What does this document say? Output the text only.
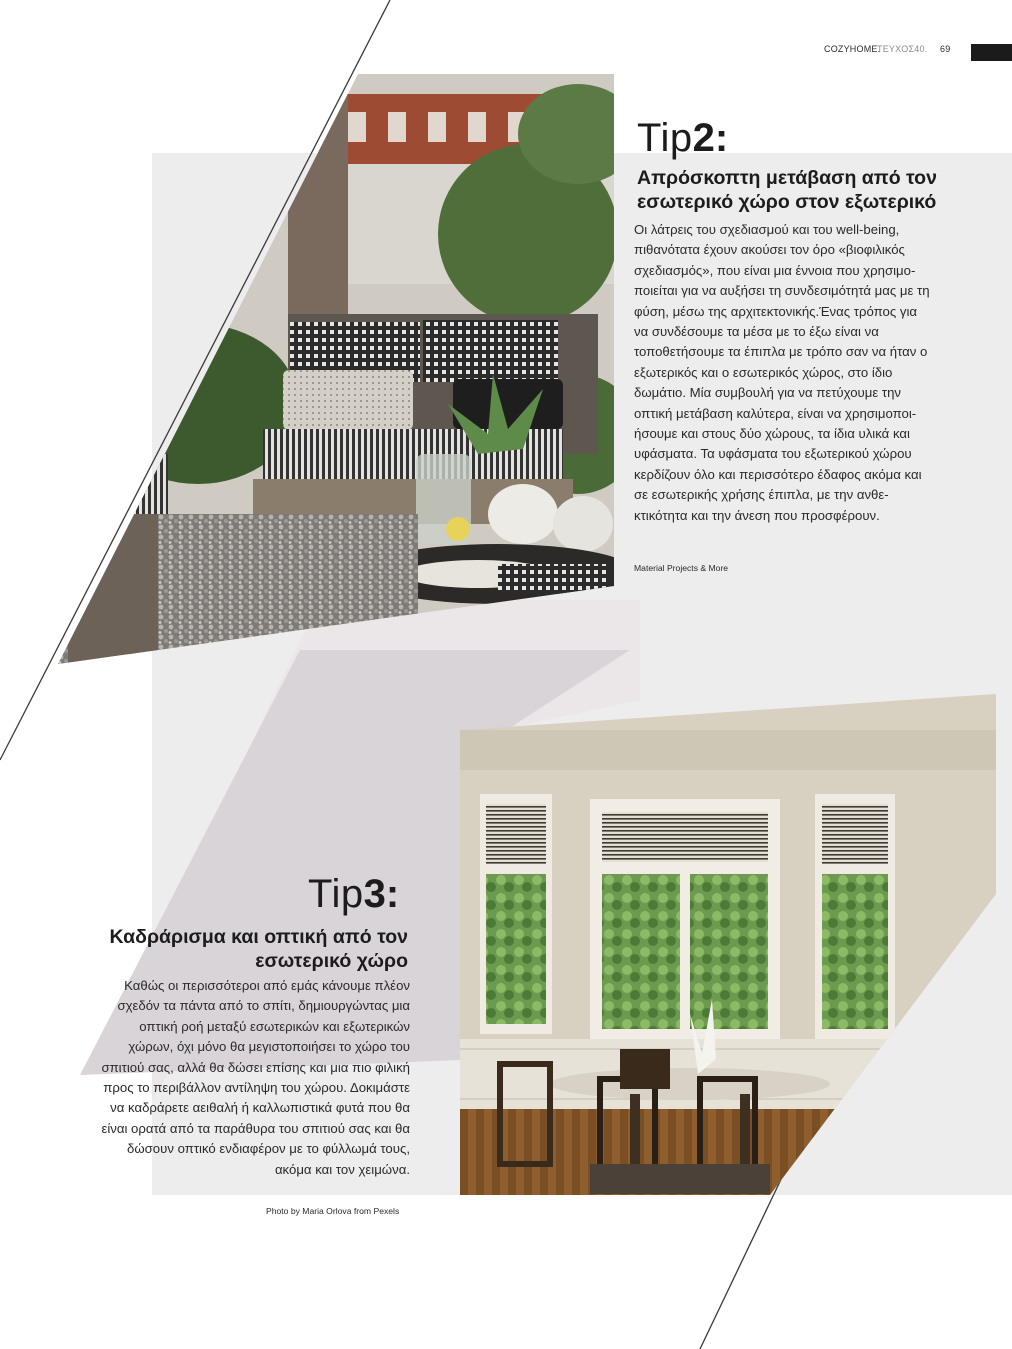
COZYHOME.
ΤΕΥΧΟΣ40. 69
Tip2:
Απρόσκοπτη μετάβαση από τον εσωτερικό χώρο στον εξωτερικό
Οι λάτρεις του σχεδιασμού και του well-being, πιθανότατα έχουν ακούσει τον όρο «βιοφιλικός σχεδιασμός», που είναι μια έννοια που χρησιμο-ποιείται για να αυξήσει τη συνδεσιμότητά μας με τη φύση, μέσω της αρχιτεκτονικής.Ένας τρόπος για να συνδέσουμε τα μέσα με το έξω είναι να τοποθετήσουμε τα έπιπλα με τρόπο σαν να ήταν ο εξωτερικός και ο εσωτερικός χώρος, στο ίδιο δωμάτιο. Μία συμβουλή για να πετύχουμε την οπτική μετάβαση καλύτερα, είναι να χρησιμοποι-ήσουμε και στους δύο χώρους, τα ίδια υλικά και υφάσματα. Τα υφάσματα του εξωτερικού χώρου κερδίζουν όλο και περισσότερο έδαφος ακόμα και σε εσωτερικής χρήσης έπιπλα, με την ανθε-κτικότητα και την άνεση που προσφέρουν.
Material Projects & More
Tip3:
Καδράρισμα και οπτική από τον εσωτερικό χώρο
Καθώς οι περισσότεροι από εμάς κάνουμε πλέον σχεδόν τα πάντα από το σπίτι, δημιουργώντας μια οπτική ροή μεταξύ εσωτερικών και εξωτερικών χώρων, όχι μόνο θα μεγιστοποιήσει το χώρο του σπιτιού σας, αλλά θα δώσει επίσης και μια πιο φιλική προς το περιβάλλον αντίληψη του χώρου. Δοκιμάστε να καδράρετε αειθαλή ή καλλωπιστικά φυτά που θα είναι ορατά από τα παράθυρα του σπιτιού σας και θα δώσουν οπτικό ενδιαφέρον με το φύλλωμά τους, ακόμα και τον χειμώνα.
Photo by Maria Orlova from Pexels
